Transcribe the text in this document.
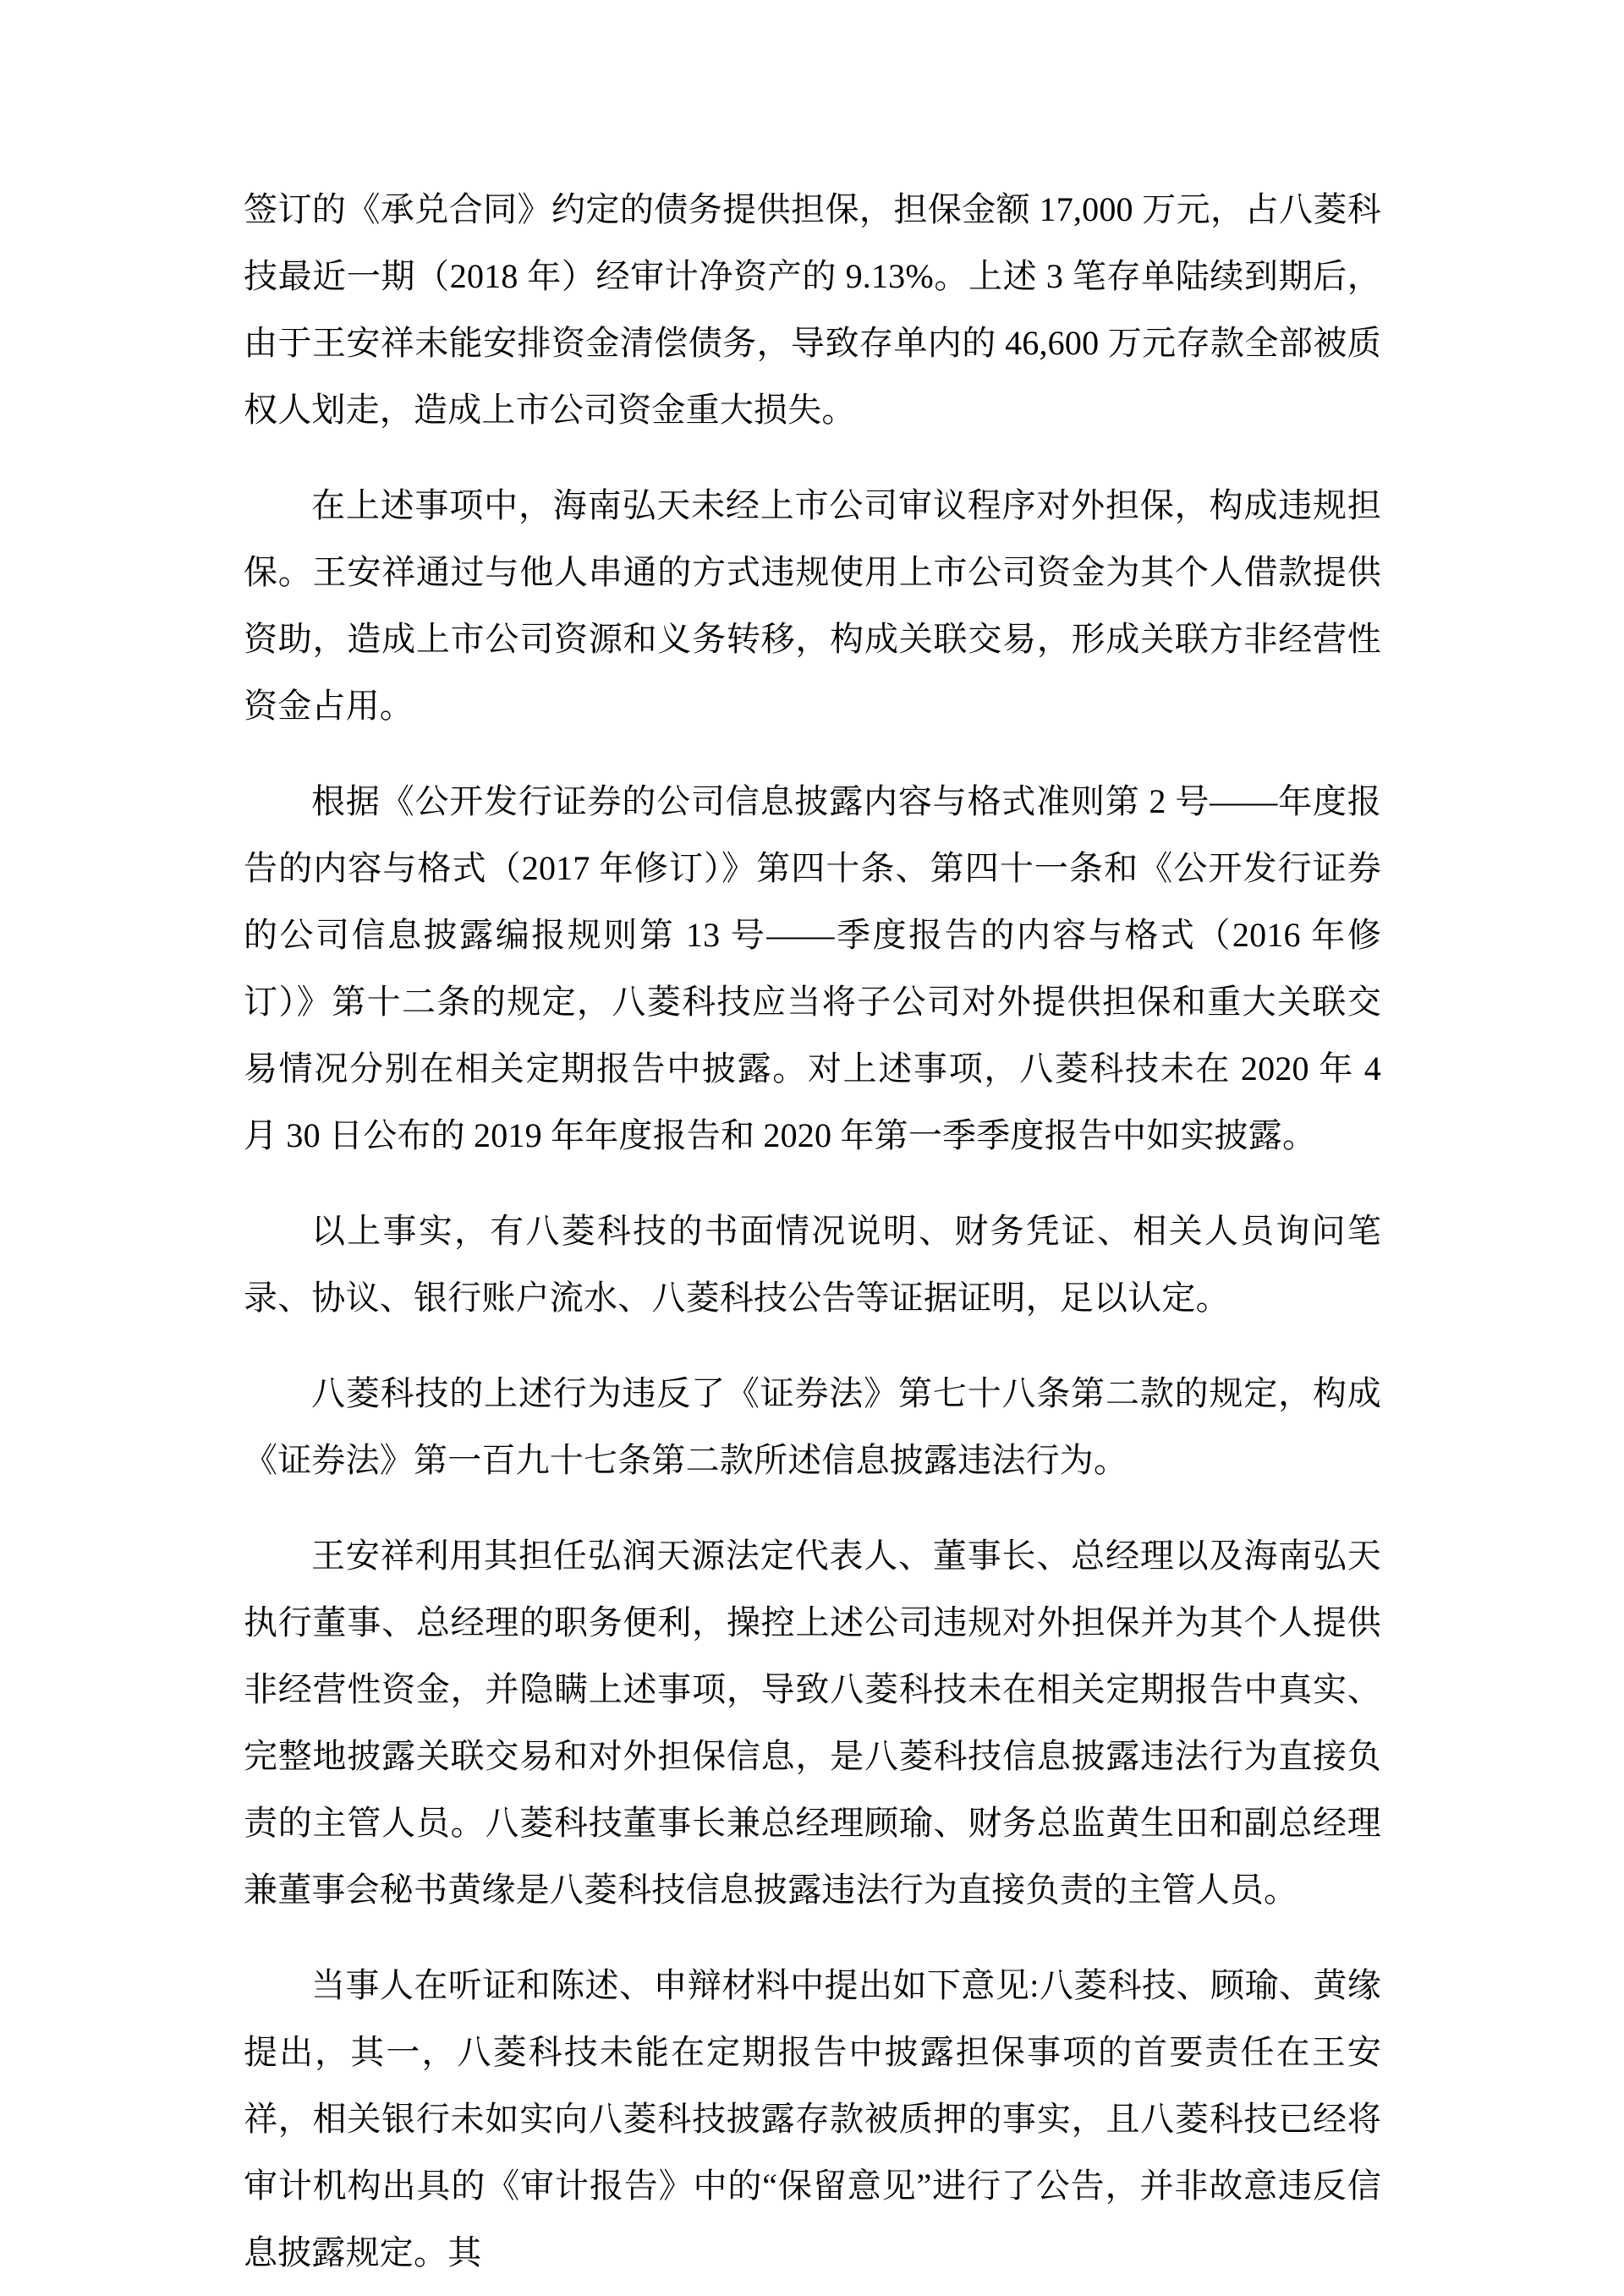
签订的《承兑合同》约定的债务提供担保，担保金额 17,000 万元，占八菱科技最近一期（2018 年）经审计净资产的 9.13%。上述 3 笔存单陆续到期后，由于王安祥未能安排资金清偿债务，导致存单内的 46,600 万元存款全部被质权人划走，造成上市公司资金重大损失。

在上述事项中，海南弘天未经上市公司审议程序对外担保，构成违规担保。王安祥通过与他人串通的方式违规使用上市公司资金为其个人借款提供资助，造成上市公司资源和义务转移，构成关联交易，形成关联方非经营性资金占用。

根据《公开发行证券的公司信息披露内容与格式准则第 2 号——年度报告的内容与格式（2017 年修订）》第四十条、第四十一条和《公开发行证券的公司信息披露编报规则第 13 号——季度报告的内容与格式（2016 年修订）》第十二条的规定，八菱科技应当将子公司对外提供担保和重大关联交易情况分别在相关定期报告中披露。对上述事项，八菱科技未在 2020 年 4 月 30 日公布的 2019 年年度报告和 2020 年第一季季度报告中如实披露。

以上事实，有八菱科技的书面情况说明、财务凭证、相关人员询问笔录、协议、银行账户流水、八菱科技公告等证据证明，足以认定。

八菱科技的上述行为违反了《证券法》第七十八条第二款的规定，构成《证券法》第一百九十七条第二款所述信息披露违法行为。

王安祥利用其担任弘润天源法定代表人、董事长、总经理以及海南弘天执行董事、总经理的职务便利，操控上述公司违规对外担保并为其个人提供非经营性资金，并隐瞒上述事项，导致八菱科技未在相关定期报告中真实、完整地披露关联交易和对外担保信息，是八菱科技信息披露违法行为直接负责的主管人员。八菱科技董事长兼总经理顾瑜、财务总监黄生田和副总经理兼董事会秘书黄缘是八菱科技信息披露违法行为直接负责的主管人员。

当事人在听证和陈述、申辩材料中提出如下意见:八菱科技、顾瑜、黄缘提出，其一，八菱科技未能在定期报告中披露担保事项的首要责任在王安祥，相关银行未如实向八菱科技披露存款被质押的事实，且八菱科技已经将审计机构出具的《审计报告》中的“保留意见”进行了公告，并非故意违反信息披露规定。其
